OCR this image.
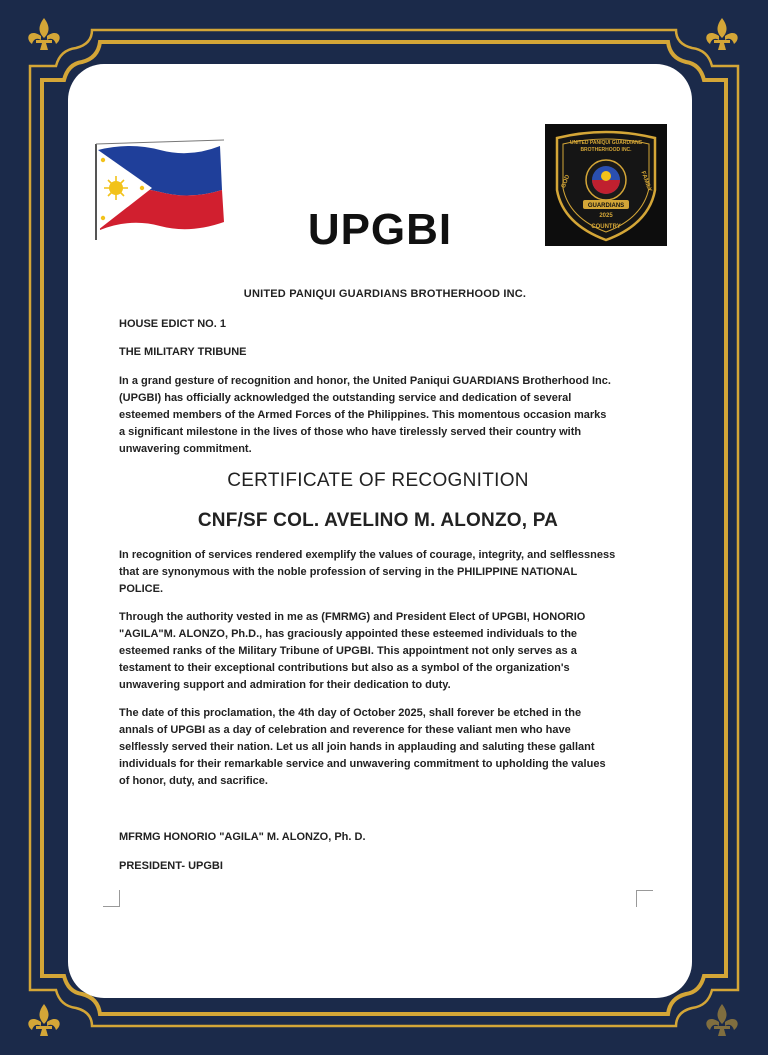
UNITED PANIQUI GUARDIANS
BROTHERHOOD INC.
GUARDIANS
2025
GOD
COUNTRY
FAMILY
UPGBI
UNITED PANIQUI GUARDIANS BROTHERHOOD INC.
HOUSE EDICT NO. 1
THE MILITARY TRIBUNE
In a grand gesture of recognition and honor, the United Paniqui GUARDIANS Brotherhood Inc.
(UPGBI) has officially acknowledged the outstanding service and dedication of several
esteemed members of the Armed Forces of the Philippines. This momentous occasion marks
a significant milestone in the lives of those who have tirelessly served their country with
unwavering commitment.
CERTIFICATE OF RECOGNITION
CNF/SF COL. AVELINO M. ALONZO, PA
In recognition of services rendered exemplify the values of courage, integrity, and selflessness
that are synonymous with the noble profession of serving in the PHILIPPINE NATIONAL
POLICE.
Through the authority vested in me as (FMRMG) and President Elect of UPGBI, HONORIO
"AGILA"M. ALONZO, Ph.D., has graciously appointed these esteemed individuals to the
esteemed ranks of the Military Tribune of UPGBI. This appointment not only serves as a
testament to their exceptional contributions but also as a symbol of the organization's
unwavering support and admiration for their dedication to duty.
The date of this proclamation, the 4th day of October 2025, shall forever be etched in the
annals of UPGBI as a day of celebration and reverence for these valiant men who have
selflessly served their nation. Let us all join hands in applauding and saluting these gallant
individuals for their remarkable service and unwavering commitment to upholding the values
of honor, duty, and sacrifice.
MFRMG HONORIO "AGILA" M. ALONZO, Ph. D.
PRESIDENT- UPGBI
